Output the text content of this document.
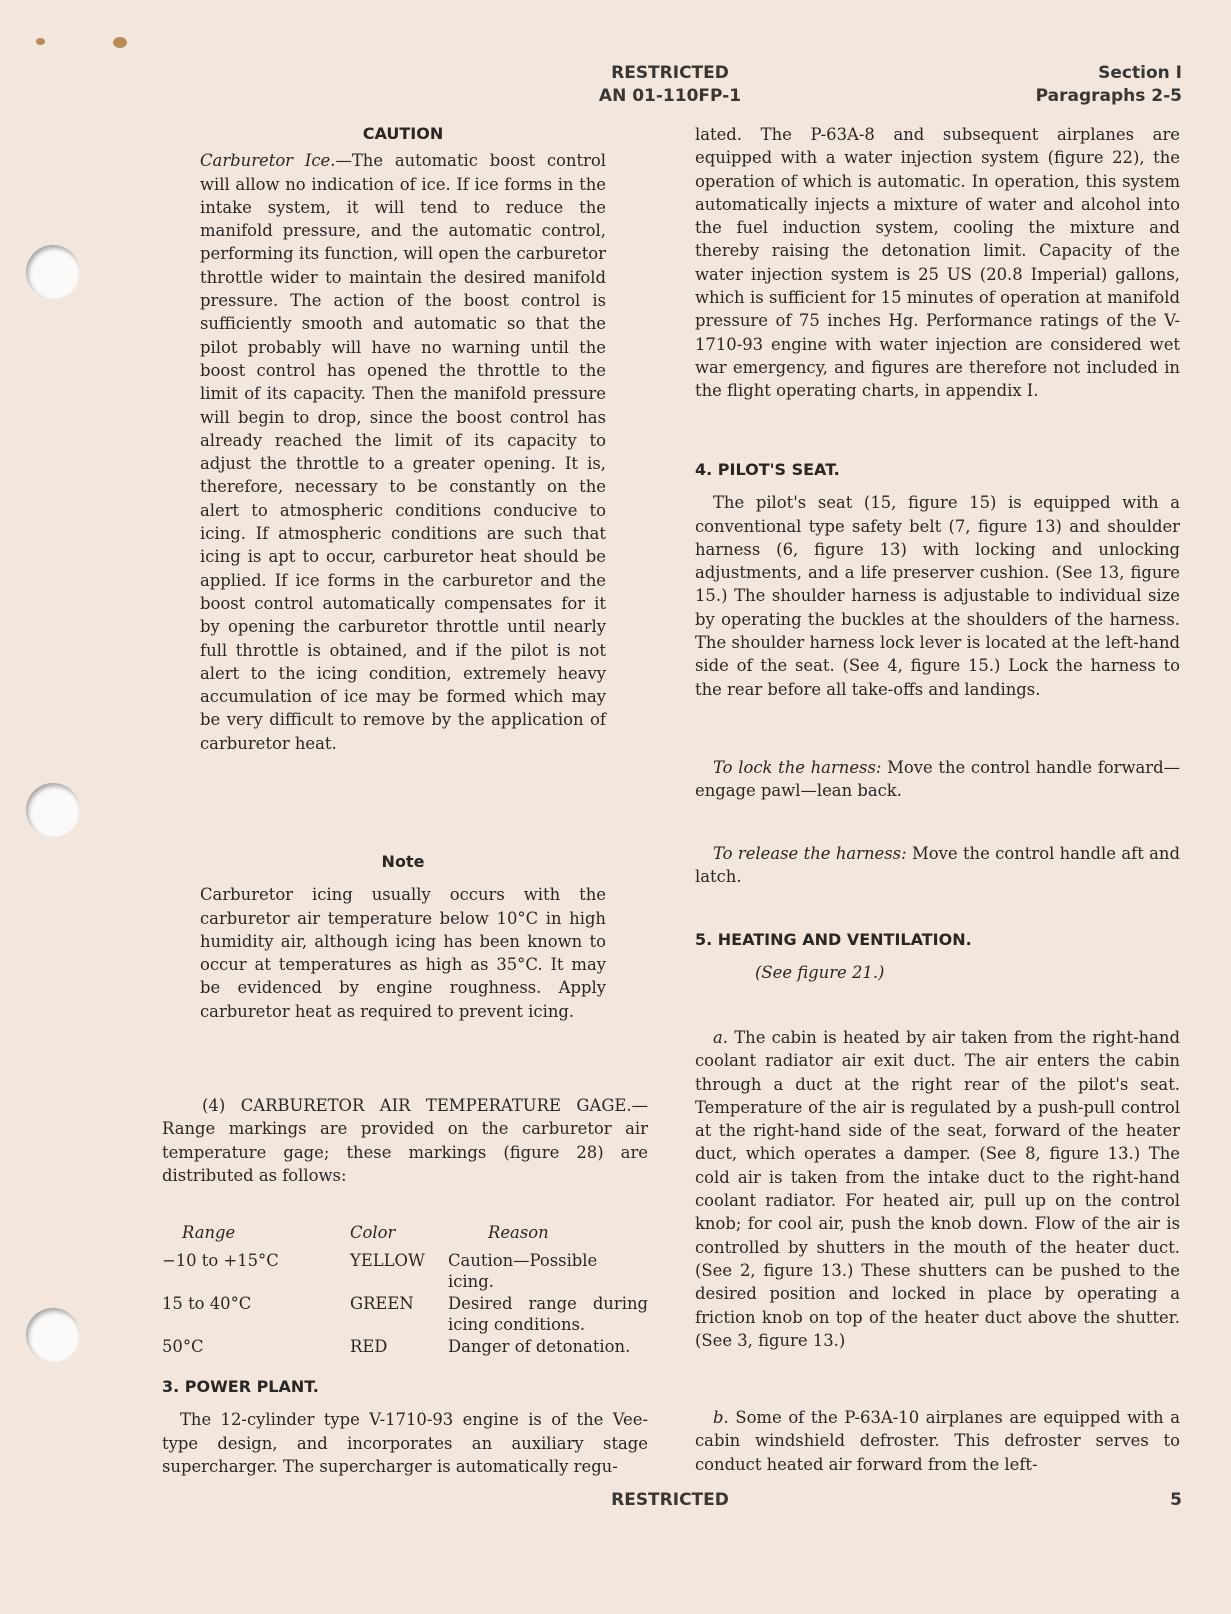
RESTRICTED
AN 01-110FP-1
Section I
Paragraphs 2-5
CAUTION

Carburetor Ice.—The automatic boost control will allow no indication of ice. If ice forms in the intake system, it will tend to reduce the manifold pressure, and the automatic control, performing its function, will open the carburetor throttle wider to maintain the desired manifold pressure. The action of the boost control is sufficiently smooth and automatic so that the pilot probably will have no warning until the boost control has opened the throttle to the limit of its capacity. Then the manifold pressure will begin to drop, since the boost control has already reached the limit of its capacity to adjust the throttle to a greater opening. It is, therefore, necessary to be constantly on the alert to atmospheric conditions conducive to icing. If atmospheric conditions are such that icing is apt to occur, carburetor heat should be applied. If ice forms in the carburetor and the boost control automatically compensates for it by opening the carburetor throttle until nearly full throttle is obtained, and if the pilot is not alert to the icing condition, extremely heavy accumulation of ice may be formed which may be very difficult to remove by the application of carburetor heat.

Note

Carburetor icing usually occurs with the carburetor air temperature below 10°C in high humidity air, although icing has been known to occur at temperatures as high as 35°C. It may be evidenced by engine roughness. Apply carburetor heat as required to prevent icing.

(4) CARBURETOR AIR TEMPERATURE GAGE.—Range markings are provided on the carburetor air temperature gage; these markings (figure 28) are distributed as follows:

Range	Color	Reason
−10 to +15°C	YELLOW	Caution—Possible icing.
15 to 40°C	GREEN	Desired range during icing conditions.
50°C	RED	Danger of detonation.
3. POWER PLANT.

The 12-cylinder type V-1710-93 engine is of the Vee-type design, and incorporates an auxiliary stage supercharger. The supercharger is automatically regu-

lated. The P-63A-8 and subsequent airplanes are equipped with a water injection system (figure 22), the operation of which is automatic. In operation, this system automatically injects a mixture of water and alcohol into the fuel induction system, cooling the mixture and thereby raising the detonation limit. Capacity of the water injection system is 25 US (20.8 Imperial) gallons, which is sufficient for 15 minutes of operation at manifold pressure of 75 inches Hg. Performance ratings of the V-1710-93 engine with water injection are considered wet war emergency, and figures are therefore not included in the flight operating charts, in appendix I.

4. PILOT'S SEAT.

The pilot's seat (15, figure 15) is equipped with a conventional type safety belt (7, figure 13) and shoulder harness (6, figure 13) with locking and unlocking adjustments, and a life preserver cushion. (See 13, figure 15.) The shoulder harness is adjustable to individual size by operating the buckles at the shoulders of the harness. The shoulder harness lock lever is located at the left-hand side of the seat. (See 4, figure 15.) Lock the harness to the rear before all take-offs and landings.

To lock the harness: Move the control handle forward—engage pawl—lean back.

To release the harness: Move the control handle aft and latch.

5. HEATING AND VENTILATION.
(See figure 21.)

a. The cabin is heated by air taken from the right-hand coolant radiator air exit duct. The air enters the cabin through a duct at the right rear of the pilot's seat. Temperature of the air is regulated by a push-pull control at the right-hand side of the seat, forward of the heater duct, which operates a damper. (See 8, figure 13.) The cold air is taken from the intake duct to the right-hand coolant radiator. For heated air, pull up on the control knob; for cool air, push the knob down. Flow of the air is controlled by shutters in the mouth of the heater duct. (See 2, figure 13.) These shutters can be pushed to the desired position and locked in place by operating a friction knob on top of the heater duct above the shutter. (See 3, figure 13.)

b. Some of the P-63A-10 airplanes are equipped with a cabin windshield defroster. This defroster serves to conduct heated air forward from the left-

RESTRICTED	5
